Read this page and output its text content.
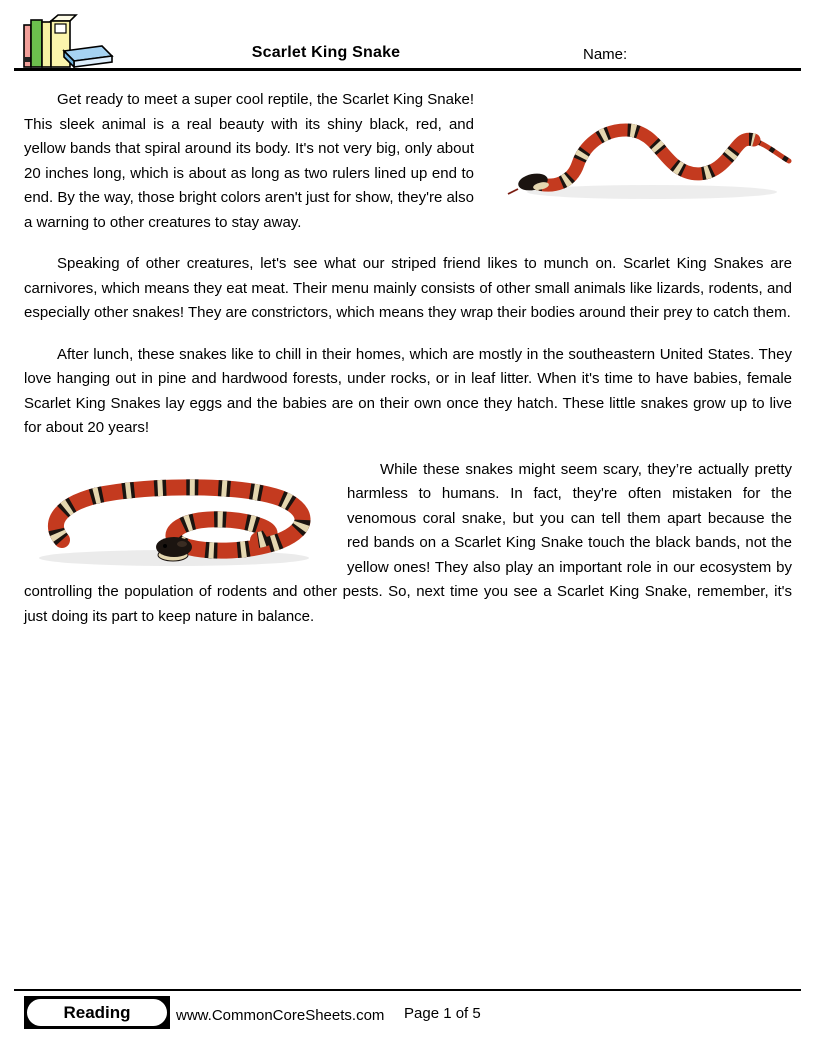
Scarlet King Snake	Name:

Get ready to meet a super cool reptile, the Scarlet King Snake! This sleek animal is a real beauty with its shiny black, red, and yellow bands that spiral around its body. It's not very big, only about 20 inches long, which is about as long as two rulers lined up end to end. By the way, those bright colors aren't just for show, they're also a warning to other creatures to stay away.

Speaking of other creatures, let's see what our striped friend likes to munch on. Scarlet King Snakes are carnivores, which means they eat meat. Their menu mainly consists of other small animals like lizards, rodents, and especially other snakes! They are constrictors, which means they wrap their bodies around their prey to catch them.

After lunch, these snakes like to chill in their homes, which are mostly in the southeastern United States. They love hanging out in pine and hardwood forests, under rocks, or in leaf litter. When it's time to have babies, female Scarlet King Snakes lay eggs and the babies are on their own once they hatch. These little snakes grow up to live for about 20 years!

While these snakes might seem scary, they’re actually pretty harmless to humans. In fact, they're often mistaken for the venomous coral snake, but you can tell them apart because the red bands on a Scarlet King Snake touch the black bands, not the yellow ones! They also play an important role in our ecosystem by controlling the population of rodents and other pests. So, next time you see a Scarlet King Snake, remember, it's just doing its part to keep nature in balance.

Reading	www.CommonCoreSheets.com Page 1 of 5
